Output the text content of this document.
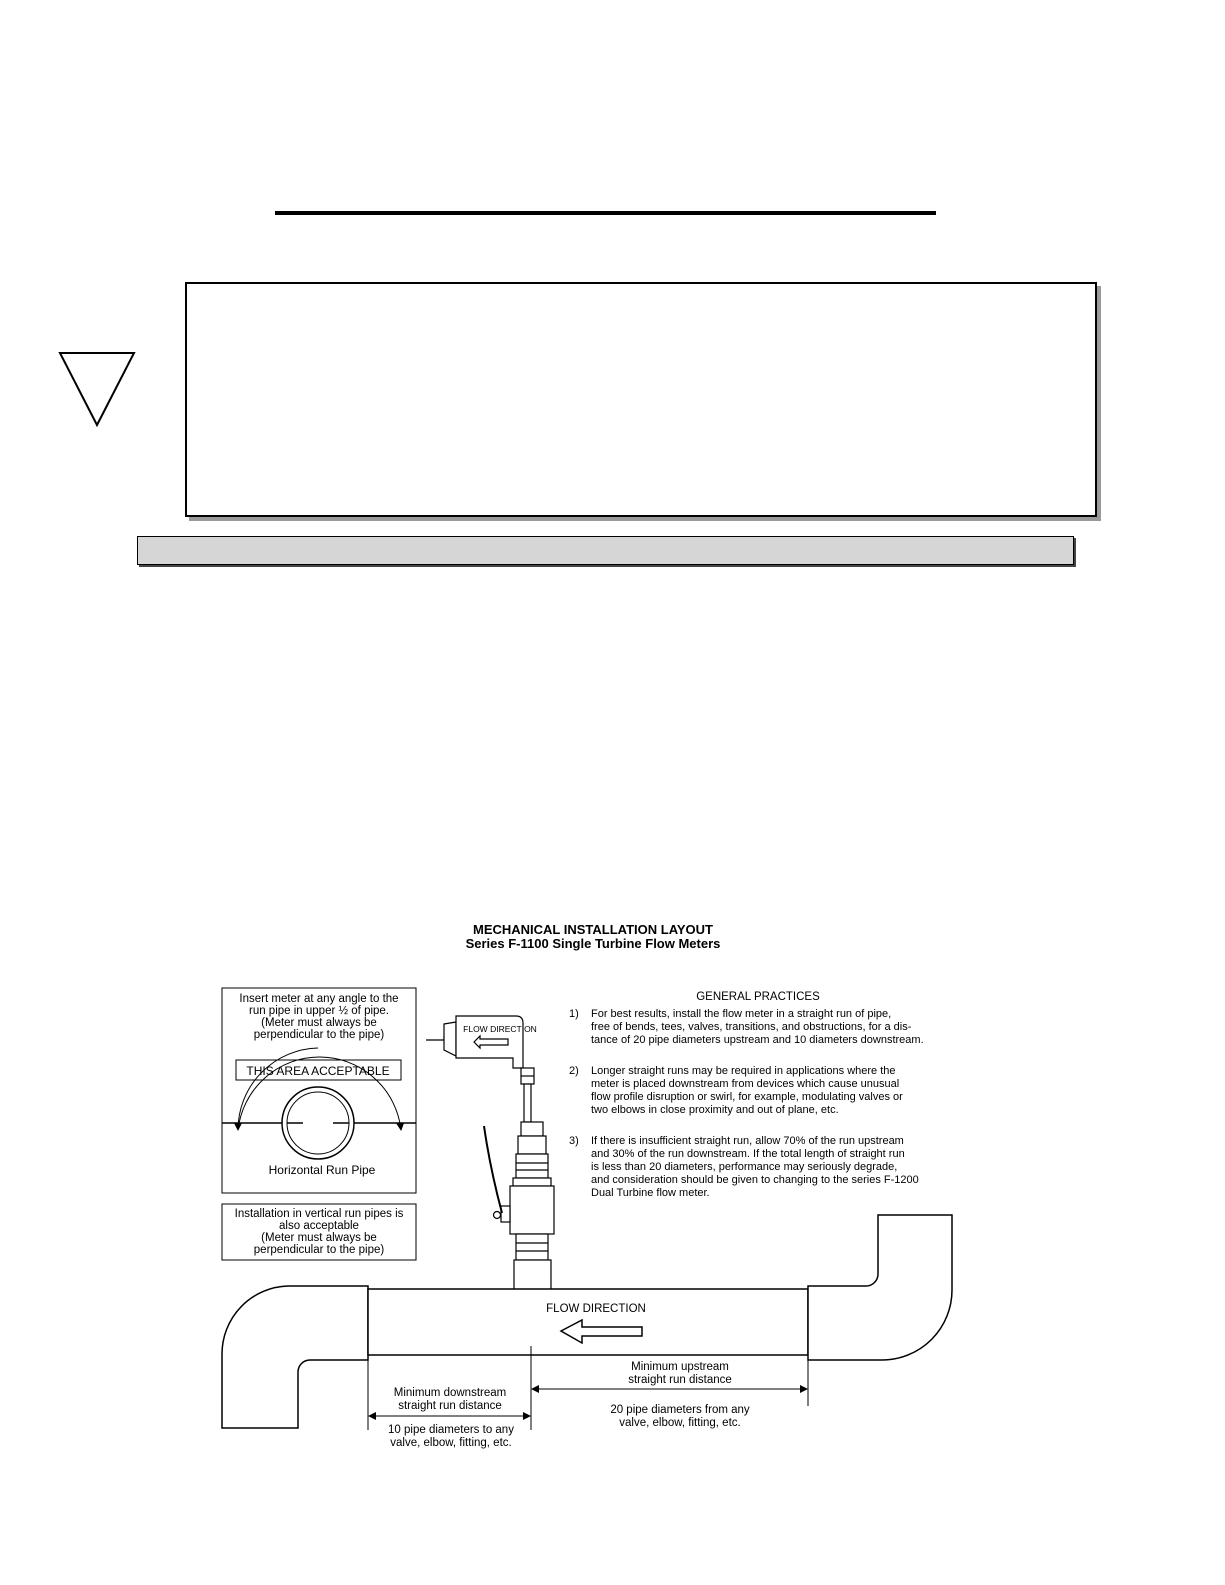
MECHANICAL INSTALLATION LAYOUT
Series F-1100 Single Turbine Flow Meters
Insert meter at any angle to the
run pipe in upper ½ of pipe.
(Meter must always be
perpendicular to the pipe)
THIS AREA ACCEPTABLE
Horizontal Run Pipe
Installation in vertical run pipes is
also acceptable
(Meter must always be
perpendicular to the pipe)
FLOW DIRECTION
GENERAL PRACTICES
1) For best results, install the flow meter in a straight run of pipe,
free of bends, tees, valves, transitions, and obstructions, for a dis-
tance of 20 pipe diameters upstream and 10 diameters downstream.
2) Longer straight runs may be required in applications where the
meter is placed downstream from devices which cause unusual
flow profile disruption or swirl, for example, modulating valves or
two elbows in close proximity and out of plane, etc.
3) If there is insufficient straight run, allow 70% of the run upstream
and 30% of the run downstream. If the total length of straight run
is less than 20 diameters, performance may seriously degrade,
and consideration should be given to changing to the series F-1200
Dual Turbine flow meter.
FLOW DIRECTION
Minimum downstream
straight run distance
10 pipe diameters to any
valve, elbow, fitting, etc.
Minimum upstream
straight run distance
20 pipe diameters from any
valve, elbow, fitting, etc.
